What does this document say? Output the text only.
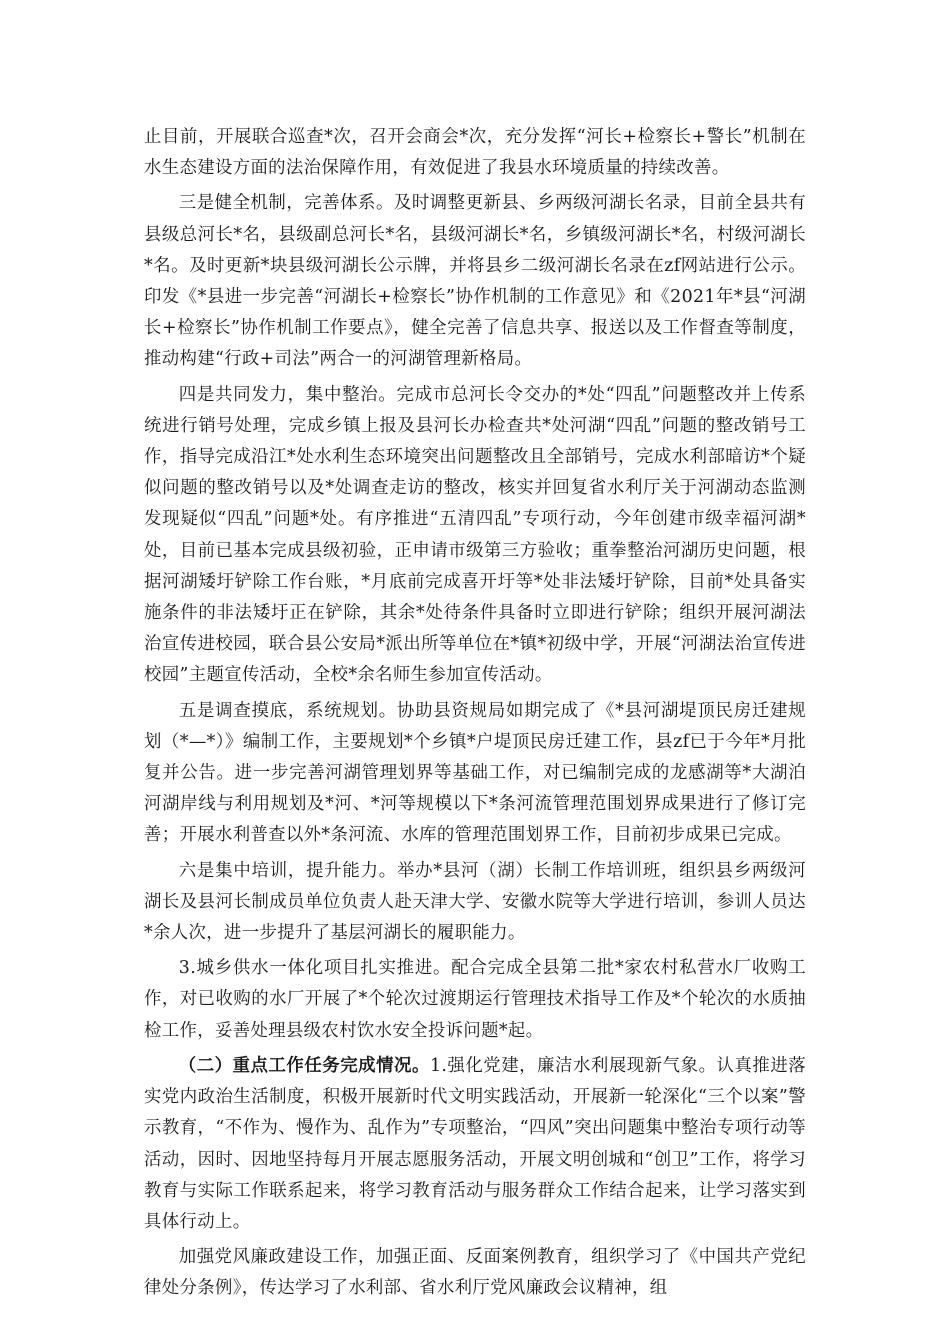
止目前，开展联合巡查*次，召开会商会*次，充分发挥“河长+检察长+警长”机制在水生态建设方面的法治保障作用，有效促进了我县水环境质量的持续改善。

三是健全机制，完善体系。及时调整更新县、乡两级河湖长名录，目前全县共有县级总河长*名，县级副总河长*名，县级河湖长*名，乡镇级河湖长*名，村级河湖长*名。及时更新*块县级河湖长公示牌，并将县乡二级河湖长名录在zf网站进行公示。印发《*县进一步完善“河湖长+检察长”协作机制的工作意见》和《2021年*县“河湖长+检察长”协作机制工作要点》，健全完善了信息共享、报送以及工作督查等制度，推动构建“行政+司法”两合一的河湖管理新格局。

四是共同发力，集中整治。完成市总河长令交办的*处“四乱”问题整改并上传系统进行销号处理，完成乡镇上报及县河长办检查共*处河湖“四乱”问题的整改销号工作，指导完成沿江*处水利生态环境突出问题整改且全部销号，完成水利部暗访*个疑似问题的整改销号以及*处调查走访的整改，核实并回复省水利厅关于河湖动态监测发现疑似“四乱”问题*处。有序推进“五清四乱”专项行动，今年创建市级幸福河湖*处，目前已基本完成县级初验，正申请市级第三方验收；重拳整治河湖历史问题，根据河湖矮圩铲除工作台账，*月底前完成喜开圩等*处非法矮圩铲除，目前*处具备实施条件的非法矮圩正在铲除，其余*处待条件具备时立即进行铲除；组织开展河湖法治宣传进校园，联合县公安局*派出所等单位在*镇*初级中学，开展“河湖法治宣传进校园”主题宣传活动，全校*余名师生参加宣传活动。

五是调查摸底，系统规划。协助县资规局如期完成了《*县河湖堤顶民房迁建规划（*—*）》编制工作，主要规划*个乡镇*户堤顶民房迁建工作，县zf已于今年*月批复并公告。进一步完善河湖管理划界等基础工作，对已编制完成的龙感湖等*大湖泊河湖岸线与利用规划及*河、*河等规模以下*条河流管理范围划界成果进行了修订完善；开展水利普查以外*条河流、水库的管理范围划界工作，目前初步成果已完成。

六是集中培训，提升能力。举办*县河（湖）长制工作培训班，组织县乡两级河湖长及县河长制成员单位负责人赴天津大学、安徽水院等大学进行培训，参训人员达*余人次，进一步提升了基层河湖长的履职能力。

3.城乡供水一体化项目扎实推进。配合完成全县第二批*家农村私营水厂收购工作，对已收购的水厂开展了*个轮次过渡期运行管理技术指导工作及*个轮次的水质抽检工作，妥善处理县级农村饮水安全投诉问题*起。

（二）重点工作任务完成情况。1.强化党建，廉洁水利展现新气象。认真推进落实党内政治生活制度，积极开展新时代文明实践活动，开展新一轮深化“三个以案”警示教育，“不作为、慢作为、乱作为”专项整治，“四风”突出问题集中整治专项行动等活动，因时、因地坚持每月开展志愿服务活动，开展文明创城和“创卫”工作，将学习教育与实际工作联系起来，将学习教育活动与服务群众工作结合起来，让学习落实到具体行动上。

加强党风廉政建设工作，加强正面、反面案例教育，组织学习了《中国共产党纪律处分条例》，传达学习了水利部、省水利厅党风廉政会议精神，组
